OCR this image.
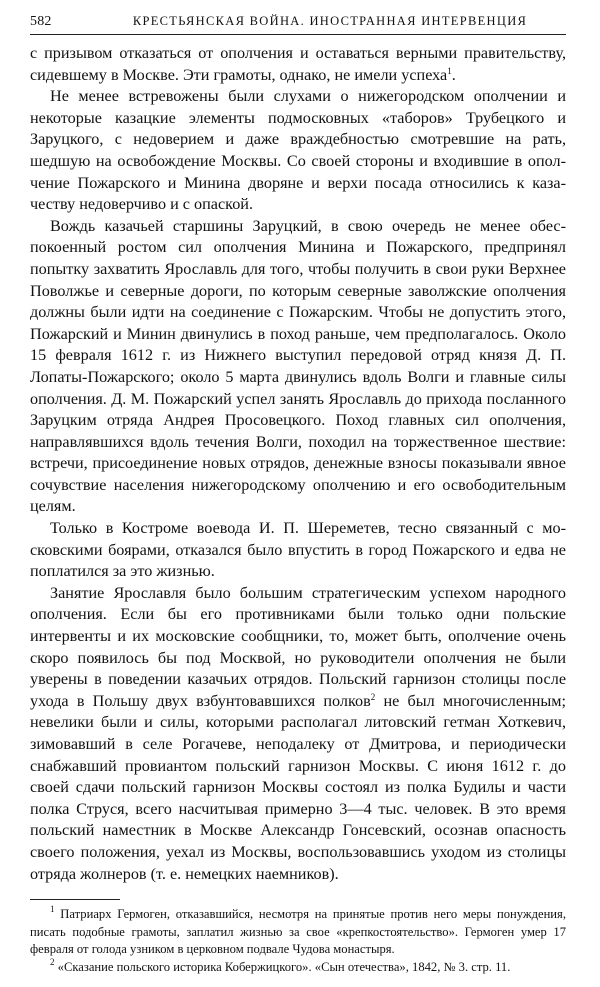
582	КРЕСТЬЯНСКАЯ ВОЙНА. ИНОСТРАННАЯ ИНТЕРВЕНЦИЯ

с призывом отказаться от ополчения и оставаться верными правительству, сидевшему в Москве. Эти грамоты, однако, не имели успеха$^1$.

Не менее встревожены были слухами о нижегородском ополчении и некоторые казацкие элементы подмосковных «таборов» Трубецкого и Заруцкого, с недоверием и даже враждебностью смотревшие на рать, шедшую на освобождение Москвы. Со своей стороны и входившие в ополчение Пожарского и Минина дворяне и верхи посада относились к казачеству недоверчиво и с опаской.

Вождь казачьей старшины Заруцкий, в свою очередь не менее обеспокоенный ростом сил ополчения Минина и Пожарского, предпринял попытку захватить Ярославль для того, чтобы получить в свои руки Верхнее Поволжье и северные дороги, по которым северные заволжские ополчения должны были идти на соединение с Пожарским. Чтобы не допустить этого, Пожарский и Минин двинулись в поход раньше, чем предполагалось. Около 15 февраля 1612 г. из Нижнего выступил передовой отряд князя Д. П. Лопаты-Пожарского; около 5 марта двинулись вдоль Волги и главные силы ополчения. Д. М. Пожарский успел занять Ярославль до прихода посланного Заруцким отряда Андрея Просовецкого. Поход главных сил ополчения, направлявшихся вдоль течения Волги, походил на торжественное шествие: встречи, присоединение новых отрядов, денежные взносы показывали явное сочувствие населения нижегородскому ополчению и его освободительным целям.

Только в Костроме воевода И. П. Шереметев, тесно связанный с московскими боярами, отказался было впустить в город Пожарского и едва не поплатился за это жизнью.

Занятие Ярославля было большим стратегическим успехом народного ополчения. Если бы его противниками были только одни польские интервенты и их московские сообщники, то, может быть, ополчение очень скоро появилось бы под Москвой, но руководители ополчения не были уверены в поведении казачьих отрядов. Польский гарнизон столицы после ухода в Польшу двух взбунтовавшихся полков$^2$ не был многочисленным; невелики были и силы, которыми располагал литовский гетман Хоткевич, зимовавший в селе Рогачеве, неподалеку от Дмитрова, и периодически снабжавший провиантом польский гарнизон Москвы. С июня 1612 г. до своей сдачи польский гарнизон Москвы состоял из полка Будилы и части полка Струся, всего насчитывая примерно 3—4 тыс. человек. В это время польский наместник в Москве Александр Гонсевский, осознав опасность своего положения, уехал из Москвы, воспользовавшись уходом из столицы отряда жолнеров (т. е. немецких наемников).

$^1$ Патриарх Гермоген, отказавшийся, несмотря на принятые против него меры понуждения, писать подобные грамоты, заплатил жизнью за свое «крепкостоятельство». Гермоген умер 17 февраля от голода узником в церковном подвале Чудова монастыря.

$^2$ «Сказание польского историка Кобержицкого». «Сын отечества», 1842, № 3. стр. 11.
